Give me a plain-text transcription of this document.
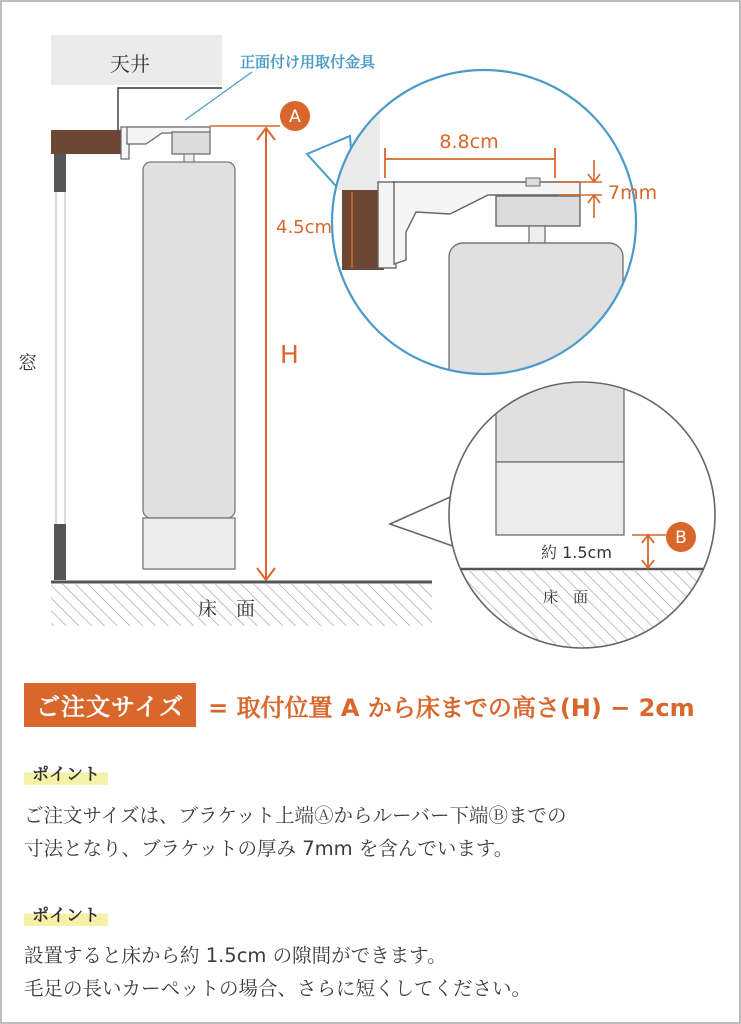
天井	正面付け用取付金具
窓
A
H
床　面
8.8cm
7mm
4.5cm
約 1.5cm
B
床　面
ご注文サイズ	= 取付位置 A から床までの高さ(H) − 2cm
ポイント
ご注文サイズは、ブラケット上端Ⓐからルーバー下端Ⓑまでの
寸法となり、ブラケットの厚み 7mm を含んでいます。
ポイント
設置すると床から約 1.5cm の隙間ができます。
毛足の長いカーペットの場合、さらに短くしてください。
